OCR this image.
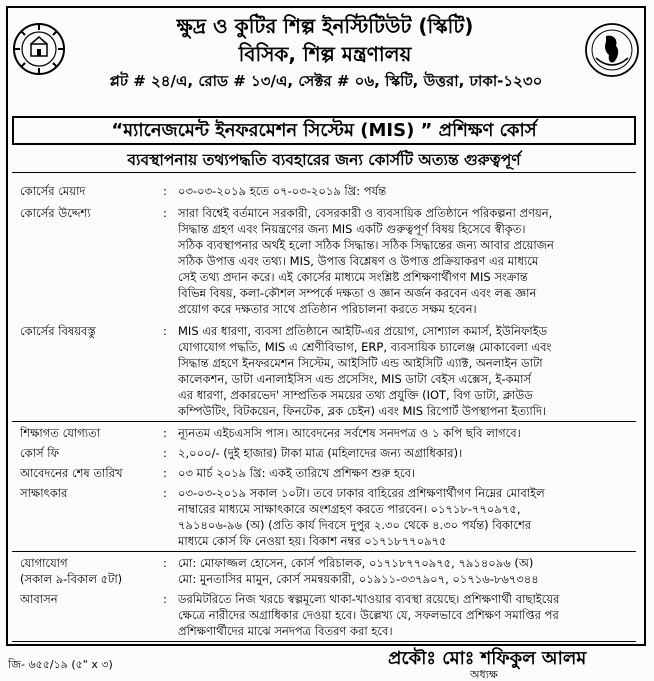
ক্ষুদ্র ও কুটির শিল্প ইনস্টিটিউট (স্কিটি)
বিসিক, শিল্প মন্ত্রণালয়
প্লট # ২৪/এ, রোড # ১৩/এ, সেক্টর # ০৬, স্কিটি, উত্তরা, ঢাকা-১২৩০
“ম্যানেজমেন্ট ইনফরমেশন সিস্টেম (MIS) ” প্রশিক্ষণ কোর্স
ব্যবস্থাপনায় তথ্যপদ্ধতি ব্যবহারের জন্য কোর্সটি অত্যন্ত গুরুত্বপূর্ণ
কোর্সের মেয়াদ	: ০৩-০৩-২০১৯ হতে ০৭-০৩-২০১৯ খ্রি: পর্যন্ত
কোর্সের উদ্দেশ্য	: সারা বিশ্বেই বর্তমানে সরকারী, বেসরকারী ও ব্যবসায়িক প্রতিষ্ঠানে পরিকল্পনা প্রণয়ন,
সিদ্ধান্ত গ্রহণ এবং নিয়ন্ত্রণের জন্য MIS একটি গুরুত্বপূর্ণ বিষয় হিসেবে স্বীকৃত।
সঠিক ব্যবস্থাপনার অর্থই হলো সঠিক সিদ্ধান্ত। সঠিক সিদ্ধান্তের জন্য আবার প্রয়োজন
সঠিক উপাত্ত এবং তথ্য। MIS, উপাত্ত বিশ্লেষণ ও উপাত্ত প্রক্রিয়াকরণ এর মাধ্যমে
সেই তথ্য প্রদান করে। এই কোর্সের মাধ্যমে সংশ্লিষ্ট প্রশিক্ষণার্থীগণ MIS সংক্রান্ত
বিভিন্ন বিষয়, কলা-কৌশল সম্পর্কে দক্ষতা ও জ্ঞান অর্জন করবেন এবং লব্ধ জ্ঞান
প্রয়োগ করে দক্ষতার সাথে প্রতিষ্ঠান পরিচালনা করতে সক্ষম হবেন।
কোর্সের বিষয়বস্তু	: MIS এর ধারণা, ব্যবসা প্রতিষ্ঠানে আইটি-এর প্রয়োগ, সোশ্যাল কমার্স, ইউনিফাইড
যোগাযোগ পদ্ধতি, MIS এ শ্রেণীবিভাগ, ERP, ব্যবসায়িক চ্যালেঞ্জ মোকাবেলা এবং
সিদ্ধান্ত গ্রহণে ইনফরমেশন সিস্টেম, আইসিটি এন্ড আইসিটি এ্যাক্ট, অনলাইন ডাটা
কালেকশন, ডাটা এনালাইসিস এন্ড প্রসেসিং, MIS ডাটা বেইস এক্সেস, ই-কমার্স
এর ধারণা, প্রকারভেদ' সাম্প্রতিক সময়ের তথ্য প্রযুক্তি (IOT, বিগ ডাটা, ক্লাউড
কম্পিউটিং, বিটকয়েন, ফিনটেক, ব্লক চেইন) এবং MIS রিপোর্ট উপস্থাপনা ইত্যাদি।
শিক্ষাগত যোগ্যতা	: ন্যূনতম এইচএসসি পাস। আবেদনের সর্বশেষ সনদপত্র ও ১ কপি ছবি লাগবে।
কোর্স ফি	: ২,০০০/- (দুই হাজার) টাকা মাত্র (মহিলাদের জন্য অগ্রাধিকার)।
আবেদনের শেষ তারিখ	: ০৩ মার্চ ২০১৯ খ্রি: একই তারিখে প্রশিক্ষণ শুরু হবে।
সাক্ষাৎকার	: ০৩-০৩-২০১৯ সকাল ১০টা। তবে ঢাকার বাহিরের প্রশিক্ষণার্থীগণ নিম্নের মোবাইল
নাম্বারের মাধ্যমে সাক্ষাৎকারে অংশগ্রহণ করতে পারবেন। ০১৭১৮-৭৭০৯৭৫,
৭৯১৪০৬-৯৬ (অ) (প্রতি কার্য দিবসে দুপুর ২.৩০ থেকে ৪.৩০ পর্যন্ত) বিকাশের
মাধ্যমে কোর্স ফি নেওয়া হয়। বিকাশ নম্বর ০১৭১৮৭৭০৯৭৫
যোগাযোগ
(সকাল ৯-বিকাল ৫টা)
: মো: মোফাজ্জল হোসেন, কোর্স পরিচালক, ০১৭১৮৭৭০৯৭৫, ৭৯১৪০৯৬ (অ)
মো: মুনতাসির মামুন, কোর্স সমন্বয়কারী, ০১৯১১-৩৩৭৯০৭, ০১৭১৬-৮৬৭৩৪৪
আবাসন	: ডরমিটরিতে নিজ খরচে স্বল্পমূল্যে থাকা-খাওয়ার ব্যবস্থা রয়েছে। প্রশিক্ষণার্থী বাছাইয়ের
ক্ষেত্রে নারীদের অগ্রাধিকার দেওয়া হবে। উল্লেখ্য যে, সফলভাবে প্রশিক্ষণ সমাপ্তির পর
প্রশিক্ষণার্থীদের মাঝে সনদপত্র বিতরণ করা হবে।
জি- ৬৫৫/১৯ (৫" x ৩)	প্রকৌঃ মোঃ শফিকুল আলম
অধ্যক্ষ
